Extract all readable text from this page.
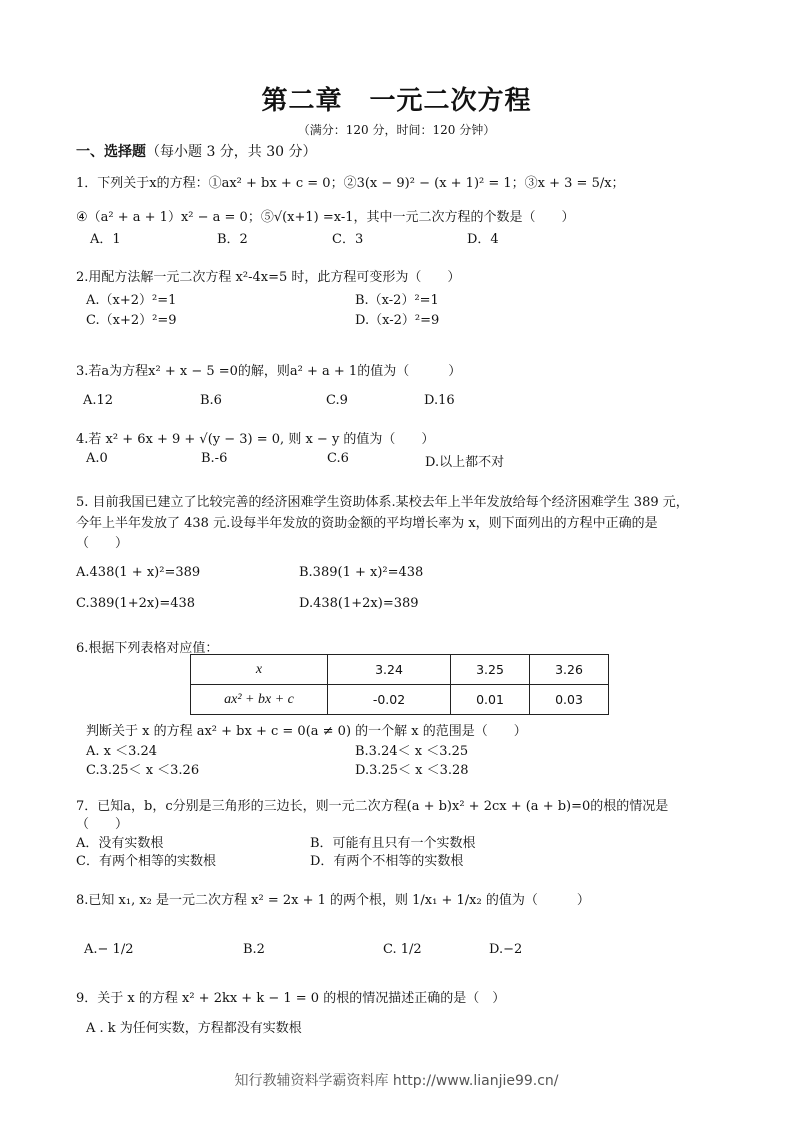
第二章　一元二次方程
（满分：120 分，时间：120 分钟）
一、选择题（每小题 3 分，共 30 分）
1．下列关于x的方程：①ax² + bx + c = 0；②3(x − 9)² − (x + 1)² = 1；③x + 3 = 5/x；
④（a² + a + 1）x² − a = 0；⑤√(x+1) =x-1，其中一元二次方程的个数是（　　）
A．1	B．2	C．3	D．4
2.用配方法解一元二次方程 x²-4x=5 时，此方程可变形为（　　）
A.（x+2）²=1	B.（x-2）²=1
C.（x+2）²=9	D.（x-2）²=9
3.若a为方程x² + x − 5 =0的解，则a² + a + 1的值为（　　　）
A.12	B.6	C.9	D.16
4.若 x² + 6x + 9 + √(y − 3) = 0, 则 x − y 的值为（　　）
A.0	B.-6	C.6	D.以上都不对
5. 目前我国已建立了比较完善的经济困难学生资助体系.某校去年上半年发放给每个经济困难学生 389 元，
今年上半年发放了 438 元.设每半年发放的资助金额的平均增长率为 x，则下面列出的方程中正确的是
（　　）
A.438(1 + x)²=389	B.389(1 + x)²=438
C.389(1+2x)=438	D.438(1+2x)=389
6.根据下列表格对应值：
x	3.24	3.25	3.26
ax² + bx + c	-0.02	0.01	0.03
判断关于 x 的方程 ax² + bx + c = 0(a ≠ 0) 的一个解 x 的范围是（　　）
A. x ＜3.24	B.3.24＜ x ＜3.25
C.3.25＜ x ＜3.26	D.3.25＜ x ＜3.28
7．已知a，b，c分别是三角形的三边长，则一元二次方程(a + b)x² + 2cx + (a + b)=0的根的情况是
（　　）
A．没有实数根	B．可能有且只有一个实数根
C．有两个相等的实数根	D．有两个不相等的实数根
8.已知 x₁, x₂ 是一元二次方程 x² = 2x + 1 的两个根，则 1/x₁ + 1/x₂ 的值为（　　　）
A.− 1/2	B.2	C. 1/2	D.−2
9．关于 x 的方程 x² + 2kx + k − 1 = 0 的根的情况描述正确的是（　）
A . k 为任何实数，方程都没有实数根
知行教辅资料学霸资料库 http://www.lianjie99.cn/
